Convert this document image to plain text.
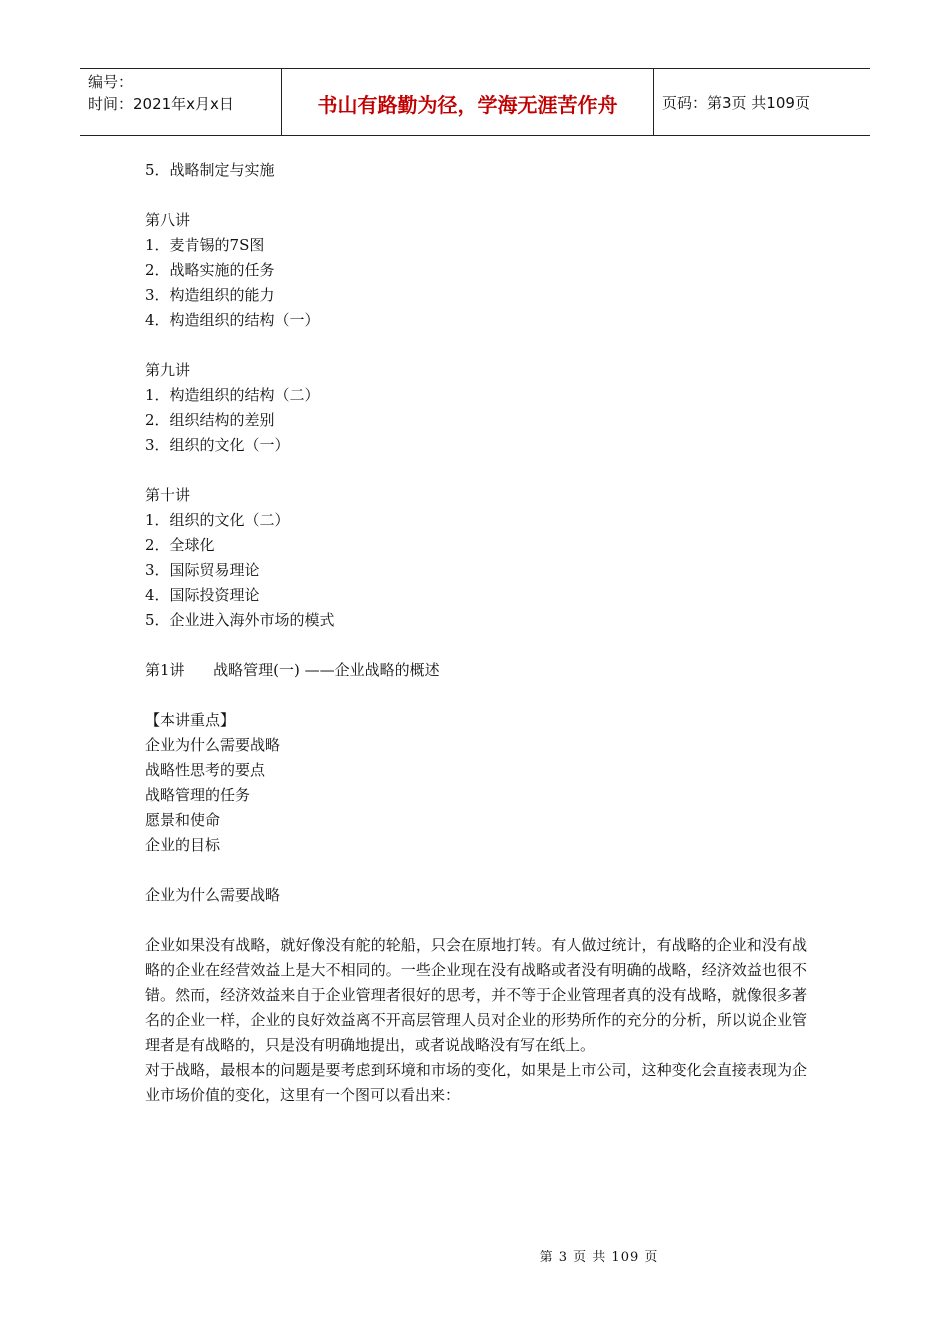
编号：
时间：2021年x月x日	书山有路勤为径，学海无涯苦作舟	页码：第3页 共109页
5．战略制定与实施
第八讲
1．麦肯锡的7S图
2．战略实施的任务
3．构造组织的能力
4．构造组织的结构（一）
第九讲
1．构造组织的结构（二）
2．组织结构的差别
3．组织的文化（一）
第十讲
1．组织的文化（二）
2．全球化
3．国际贸易理论
4．国际投资理论
5．企业进入海外市场的模式
第1讲      战略管理(一) ——企业战略的概述
【本讲重点】
企业为什么需要战略
战略性思考的要点
战略管理的任务
愿景和使命
企业的目标
企业为什么需要战略
企业如果没有战略，就好像没有舵的轮船，只会在原地打转。有人做过统计，有战略的企业和没有战略的企业在经营效益上是大不相同的。一些企业现在没有战略或者没有明确的战略，经济效益也很不错。然而，经济效益来自于企业管理者很好的思考，并不等于企业管理者真的没有战略，就像很多著名的企业一样，企业的良好效益离不开高层管理人员对企业的形势所作的充分的分析，所以说企业管理者是有战略的，只是没有明确地提出，或者说战略没有写在纸上。
对于战略，最根本的问题是要考虑到环境和市场的变化，如果是上市公司，这种变化会直接表现为企业市场价值的变化，这里有一个图可以看出来：
第 3 页 共 109 页
